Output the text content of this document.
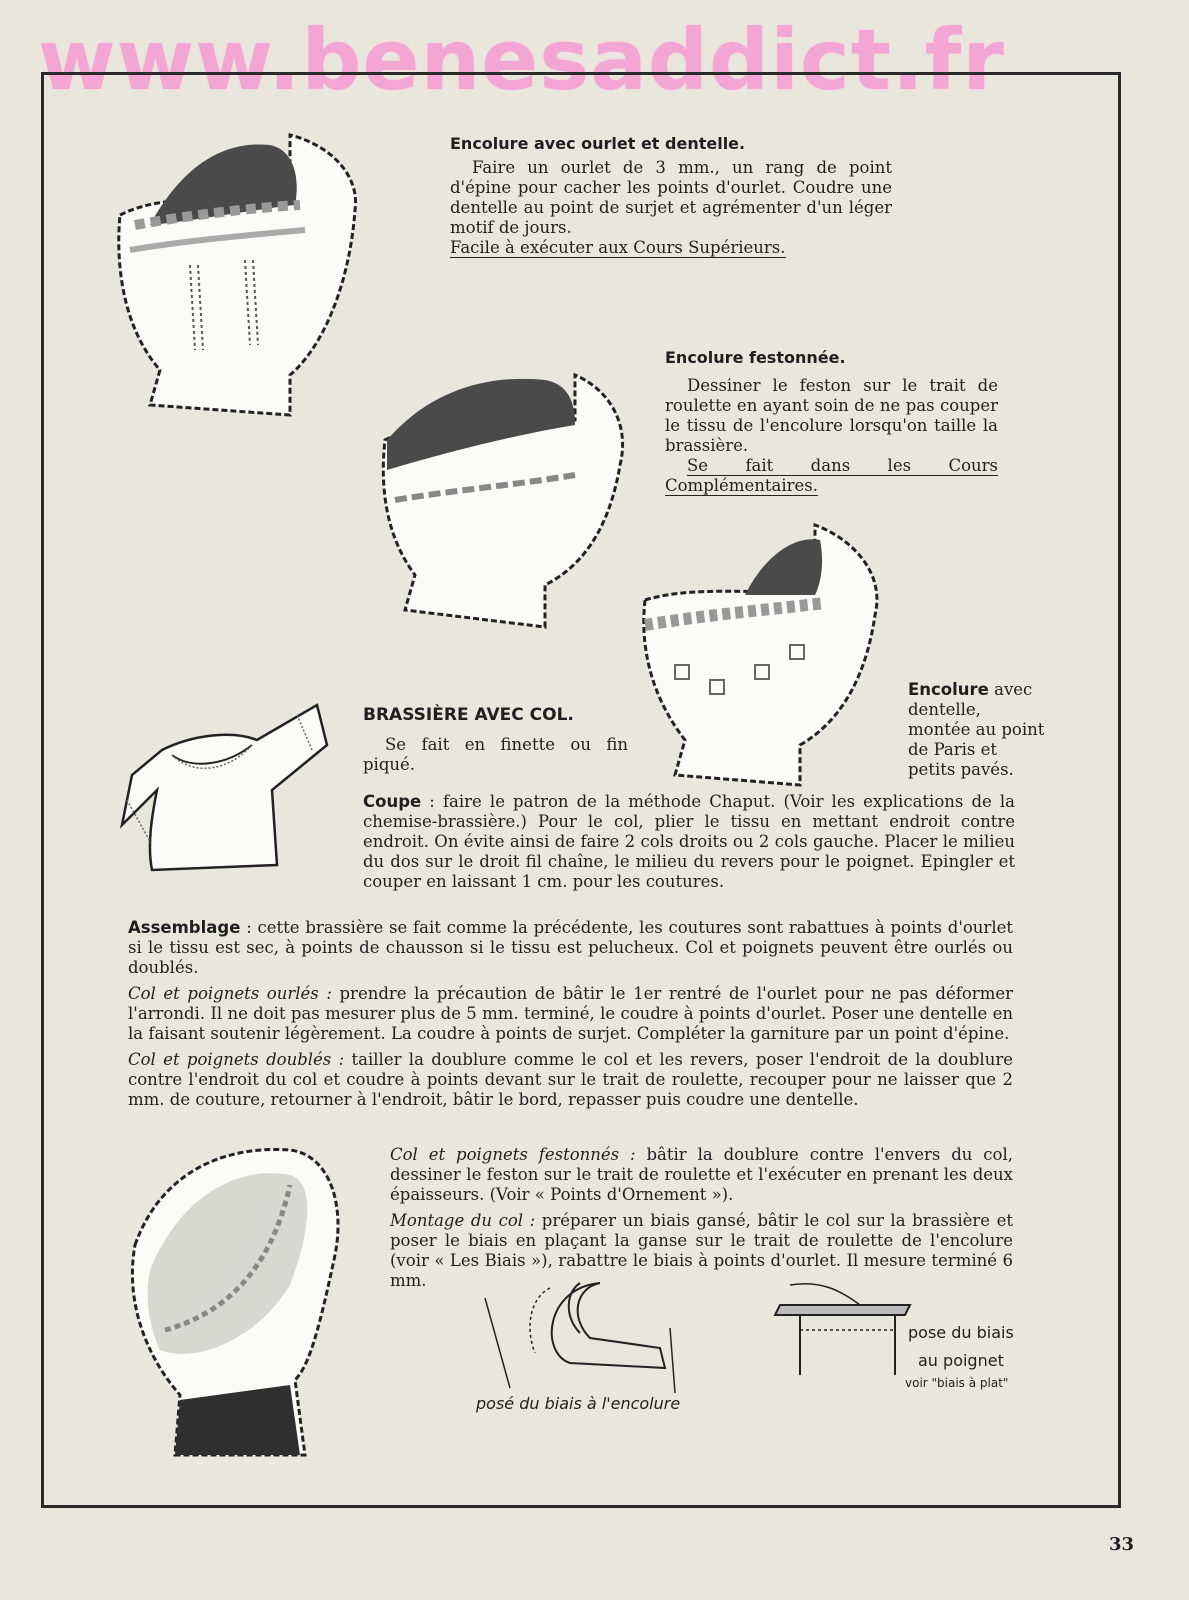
www.benesaddict.fr

Encolure avec ourlet et dentelle.

Faire un ourlet de 3 mm., un rang de point d'épine pour cacher les points d'ourlet. Coudre une dentelle au point de surjet et agrémenter d'un léger motif de jours.

Facile à exécuter aux Cours Supérieurs.

Encolure festonnée.

Dessiner le feston sur le trait de roulette en ayant soin de ne pas couper le tissu de l'encolure lorsqu'on taille la brassière.

Se fait dans les Cours Complémentaires.

Encolure avec dentelle, montée au point de Paris et petits pavés.

BRASSIÈRE AVEC COL.

Se fait en finette ou fin piqué.

Coupe : faire le patron de la méthode Chaput. (Voir les explications de la chemise-brassière.) Pour le col, plier le tissu en mettant endroit contre endroit. On évite ainsi de faire 2 cols droits ou 2 cols gauche. Placer le milieu du dos sur le droit fil chaîne, le milieu du revers pour le poignet. Epingler et couper en laissant 1 cm. pour les coutures.

Assemblage : cette brassière se fait comme la précédente, les coutures sont rabattues à points d'ourlet si le tissu est sec, à points de chausson si le tissu est pelucheux. Col et poignets peuvent être ourlés ou doublés.

Col et poignets ourlés : prendre la précaution de bâtir le 1er rentré de l'ourlet pour ne pas déformer l'arrondi. Il ne doit pas mesurer plus de 5 mm. terminé, le coudre à points d'ourlet. Poser une dentelle en la faisant soutenir légèrement. La coudre à points de surjet. Compléter la garniture par un point d'épine.

Col et poignets doublés : tailler la doublure comme le col et les revers, poser l'endroit de la doublure contre l'endroit du col et coudre à points devant sur le trait de roulette, recouper pour ne laisser que 2 mm. de couture, retourner à l'endroit, bâtir le bord, repasser puis coudre une dentelle.

Col et poignets festonnés : bâtir la doublure contre l'envers du col, dessiner le feston sur le trait de roulette et l'exécuter en prenant les deux épaisseurs. (Voir « Points d'Ornement »).

Montage du col : préparer un biais gansé, bâtir le col sur la brassière et poser le biais en plaçant la ganse sur le trait de roulette de l'encolure (voir « Les Biais »), rabattre le biais à points d'ourlet. Il mesure terminé 6 mm.

posé du biais à l'encolure
pose du biais
au poignet
voir "biais à plat"
33
